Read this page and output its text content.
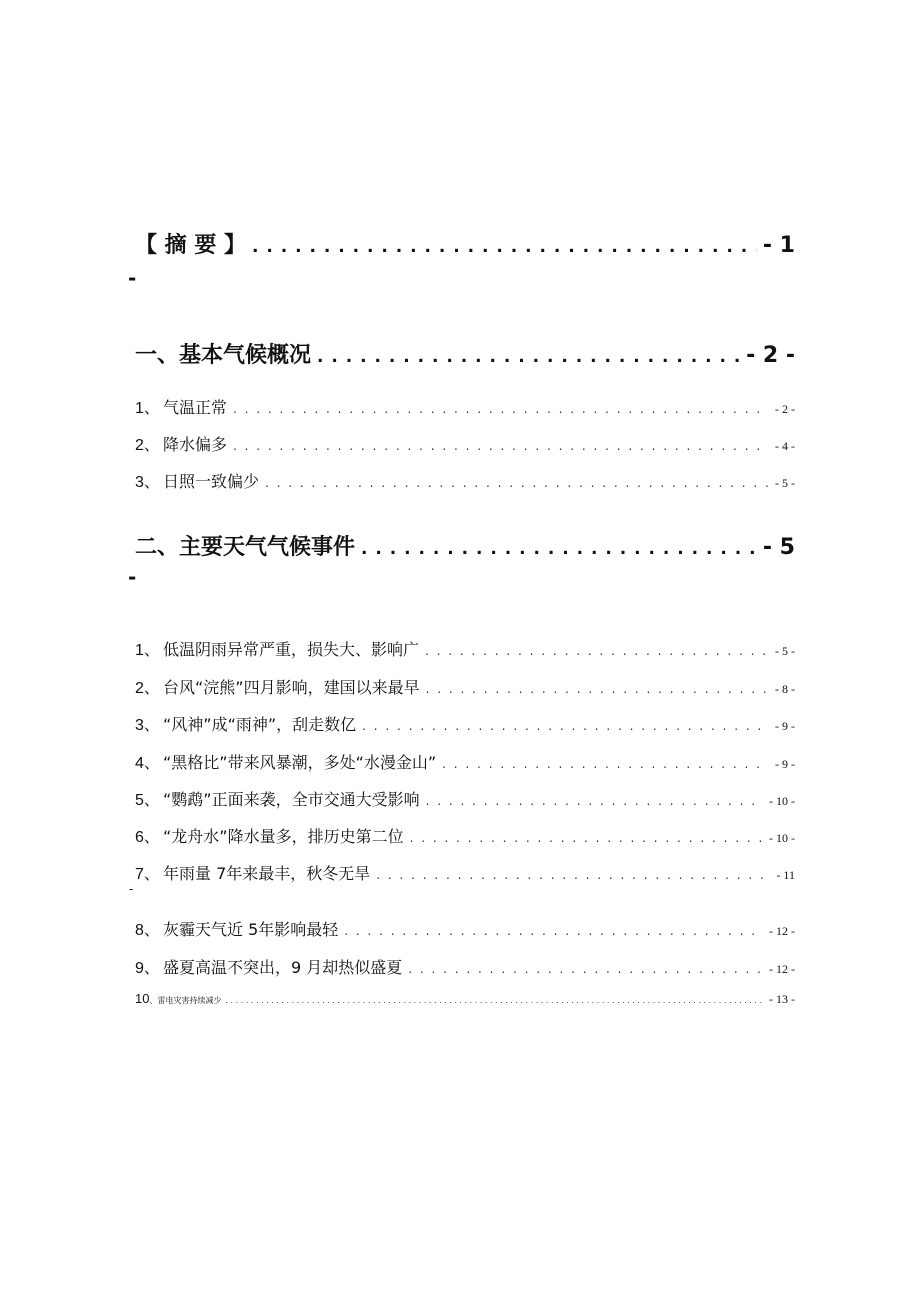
【 摘 要 】 . . .	- 1
-
一、基本气候概况 . . .	- 2 -
1、 气温正常 . . .	- 2 -
2、 降水偏多 . . .	- 4 -
3、 日照一致偏少 . . .	- 5 -
二、主要天气气候事件 . . .	- 5
-
1、 低温阴雨异常严重，损失大、影响广 . . .	- 5 -
2、 台风“浣熊”四月影响，建国以来最早 . . .	- 8 -
3、 “风神”成“雨神”，刮走数亿 . . .	- 9 -
4、 “黑格比”带来风暴潮，多处“水漫金山” . . .	- 9 -
5、 “鹦鹉”正面来袭，全市交通大受影响 . . .	- 10 -
6、 “龙舟水”降水量多，排历史第二位 . . .	- 10 -
7、 年雨量 7年来最丰，秋冬无旱 . . .	- 11
-
8、 灰霾天气近 5年影响最轻 . . .	- 12 -
9、 盛夏高温不突出，9 月却热似盛夏 . . .	- 12 -
10 、雷电灾害持续减少 . . .	- 13 -
